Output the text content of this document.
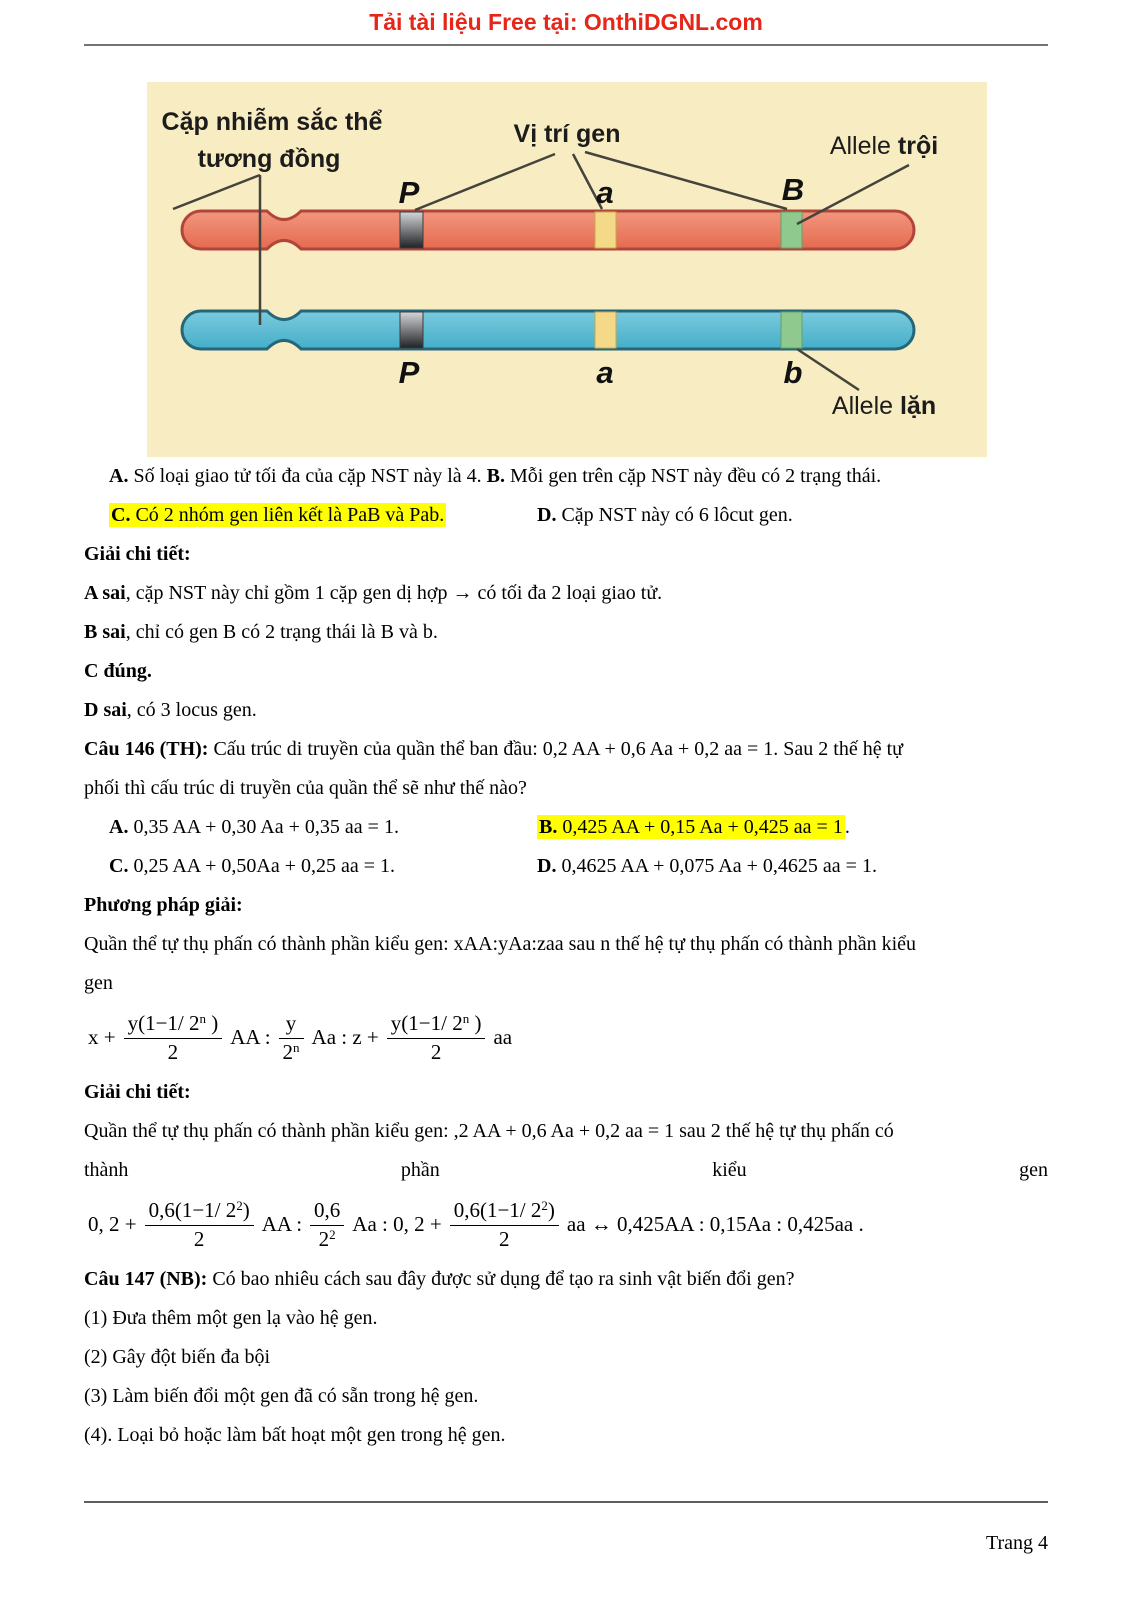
Tải tài liệu Free tại: OnthiDGNL.com
Cặp nhiễm sắc thể
tương đồng
Vị trí gen	Allele trội
Allele lặn
P	a	B
P	a	b

A. Số loại giao tử tối đa của cặp NST này là 4. B. Mỗi gen trên cặp NST này đều có 2 trạng thái.

C. Có 2 nhóm gen liên kết là PaB và Pab.	D. Cặp NST này có 6 lôcut gen.

Giải chi tiết:

A sai, cặp NST này chỉ gồm 1 cặp gen dị hợp → có tối đa 2 loại giao tử.

B sai, chỉ có gen B có 2 trạng thái là B và b.

C đúng.

D sai, có 3 locus gen.

Câu 146 (TH): Cấu trúc di truyền của quần thể ban đầu: 0,2 AA + 0,6 Aa + 0,2 aa = 1. Sau 2 thế hệ tự
phối thì cấu trúc di truyền của quần thể sẽ như thế nào?

A. 0,35 AA + 0,30 Aa + 0,35 aa = 1.	B. 0,425 AA + 0,15 Aa + 0,425 aa = 1 .

C. 0,25 AA + 0,50Aa + 0,25 aa = 1.	D. 0,4625 AA + 0,075 Aa + 0,4625 aa = 1.

Phương pháp giải:

Quần thể tự thụ phấn có thành phần kiểu gen: xAA:yAa:zaa sau n thế hệ tự thụ phấn có thành phần kiểu
gen

$x + \frac{y(1-1/ 2^n )}{2}$ AA : $\frac{y}{2^n}$ Aa : $z + \frac{y(1-1/ 2^n )}{2}$ aa

Giải chi tiết:

Quần thể tự thụ phấn có thành phần kiểu gen: ,2 AA + 0,6 Aa + 0,2 aa = 1 sau 2 thế hệ tự thụ phấn có

thành	phần	kiểu	gen
0, $2 + \frac{0,6(1-1/ 2^2)}{2}$ AA : $\frac{0,6}{2^2}$ Aa : 0, $2 + \frac{0,6(1-1/ 2^2)}{2}$ aa ↔ 0,425AA : 0,15Aa : 0,425aa .

Câu 147 (NB): Có bao nhiêu cách sau đây được sử dụng để tạo ra sinh vật biến đổi gen?

(1) Đưa thêm một gen lạ vào hệ gen.

(2) Gây đột biến đa bội

(3) Làm biến đổi một gen đã có sẵn trong hệ gen.

(4). Loại bỏ hoặc làm bất hoạt một gen trong hệ gen.

Trang 4
